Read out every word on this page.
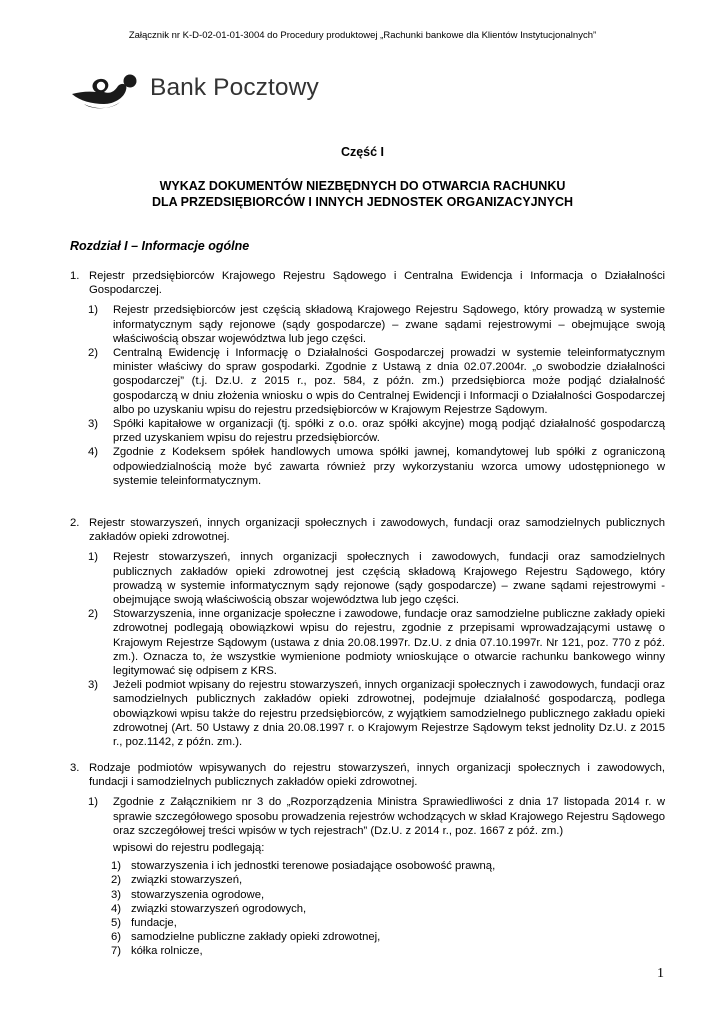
Załącznik nr K-D-02-01-01-3004 do Procedury produktowej „Rachunki bankowe dla Klientów Instytucjonalnych”
Bank Pocztowy
Część I
WYKAZ DOKUMENTÓW NIEZBĘDNYCH DO OTWARCIA RACHUNKU
DLA PRZEDSIĘBIORCÓW I INNYCH JEDNOSTEK ORGANIZACYJNYCH
Rozdział I – Informacje ogólne
1. Rejestr przedsiębiorców Krajowego Rejestru Sądowego i Centralna Ewidencja i Informacja o Działalności Gospodarczej.
1) Rejestr przedsiębiorców jest częścią składową Krajowego Rejestru Sądowego, który prowadzą w systemie informatycznym sądy rejonowe (sądy gospodarcze) – zwane sądami rejestrowymi – obejmujące swoją właściwością obszar województwa lub jego części.
2) Centralną Ewidencję i Informację o Działalności Gospodarczej prowadzi w systemie teleinformatycznym minister właściwy do spraw gospodarki. Zgodnie z Ustawą z dnia 02.07.2004r. „o swobodzie działalności gospodarczej” (t.j. Dz.U. z 2015 r., poz. 584, z późn. zm.) przedsiębiorca może podjąć działalność gospodarczą w dniu złożenia wniosku o wpis do Centralnej Ewidencji i Informacji o Działalności Gospodarczej albo po uzyskaniu wpisu do rejestru przedsiębiorców w Krajowym Rejestrze Sądowym.
3) Spółki kapitałowe w organizacji (tj. spółki z o.o. oraz spółki akcyjne) mogą podjąć działalność gospodarczą przed uzyskaniem wpisu do rejestru przedsiębiorców.
4) Zgodnie z Kodeksem spółek handlowych umowa spółki jawnej, komandytowej lub spółki z ograniczoną odpowiedzialnością może być zawarta również przy wykorzystaniu wzorca umowy udostępnionego w systemie teleinformatycznym.
2. Rejestr stowarzyszeń, innych organizacji społecznych i zawodowych, fundacji oraz samodzielnych publicznych zakładów opieki zdrowotnej.
1) Rejestr stowarzyszeń, innych organizacji społecznych i zawodowych, fundacji oraz samodzielnych publicznych zakładów opieki zdrowotnej jest częścią składową Krajowego Rejestru Sądowego, który prowadzą w systemie informatycznym sądy rejonowe (sądy gospodarcze) – zwane sądami rejestrowymi - obejmujące swoją właściwością obszar województwa lub jego części.
2) Stowarzyszenia, inne organizacje społeczne i zawodowe, fundacje oraz samodzielne publiczne zakłady opieki zdrowotnej podlegają obowiązkowi wpisu do rejestru, zgodnie z przepisami wprowadzającymi ustawę o Krajowym Rejestrze Sądowym (ustawa z dnia 20.08.1997r. Dz.U. z dnia 07.10.1997r. Nr 121, poz. 770 z póź. zm.). Oznacza to, że wszystkie wymienione podmioty wnioskujące o otwarcie rachunku bankowego winny legitymować się odpisem z KRS.
3) Jeżeli podmiot wpisany do rejestru stowarzyszeń, innych organizacji społecznych i zawodowych, fundacji oraz samodzielnych publicznych zakładów opieki zdrowotnej, podejmuje działalność gospodarczą, podlega obowiązkowi wpisu także do rejestru przedsiębiorców, z wyjątkiem samodzielnego publicznego zakładu opieki zdrowotnej (Art. 50 Ustawy z dnia 20.08.1997 r. o Krajowym Rejestrze Sądowym tekst jednolity Dz.U. z 2015 r., poz.1142, z późn. zm.).
3. Rodzaje podmiotów wpisywanych do rejestru stowarzyszeń, innych organizacji społecznych i zawodowych, fundacji i samodzielnych publicznych zakładów opieki zdrowotnej.
1) Zgodnie z Załącznikiem nr 3 do „Rozporządzenia Ministra Sprawiedliwości z dnia 17 listopada 2014 r. w sprawie szczegółowego sposobu prowadzenia rejestrów wchodzących w skład Krajowego Rejestru Sądowego oraz szczegółowej treści wpisów w tych rejestrach” (Dz.U. z 2014 r., poz. 1667 z póź. zm.)
wpisowi do rejestru podlegają:
1) stowarzyszenia i ich jednostki terenowe posiadające osobowość prawną,
2) związki stowarzyszeń,
3) stowarzyszenia ogrodowe,
4) związki stowarzyszeń ogrodowych,
5) fundacje,
6) samodzielne publiczne zakłady opieki zdrowotnej,
7) kółka rolnicze,
1
